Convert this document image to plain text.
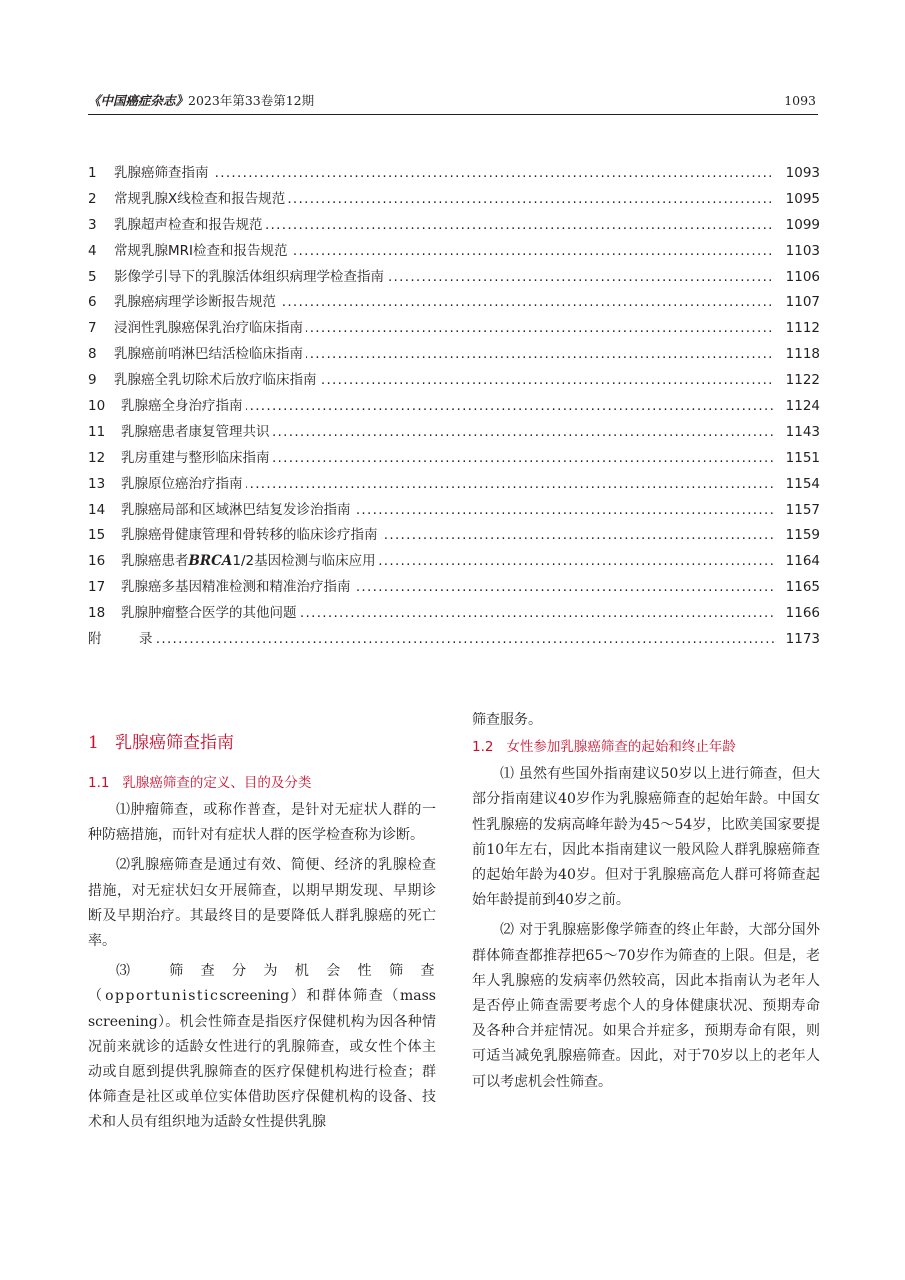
《中国癌症杂志》2023年第33卷第12期	1093
1	乳腺癌筛查指南 .....	1093
2	常规乳腺X线检查和报告规范 .....	1095
3	乳腺超声检查和报告规范 .....	1099
4	常规乳腺MRI检查和报告规范 .....	1103
5	影像学引导下的乳腺活体组织病理学检查指南 .....	1106
6	乳腺癌病理学诊断报告规范 .....	1107
7	浸润性乳腺癌保乳治疗临床指南 .....	1112
8	乳腺癌前哨淋巴结活检临床指南 .....	1118
9	乳腺癌全乳切除术后放疗临床指南 .....	1122
10	乳腺癌全身治疗指南 .....	1124
11	乳腺癌患者康复管理共识 .....	1143
12	乳房重建与整形临床指南 .....	1151
13	乳腺原位癌治疗指南 .....	1154
14	乳腺癌局部和区域淋巴结复发诊治指南 .....	1157
15	乳腺癌骨健康管理和骨转移的临床诊疗指南 .....	1159
16	乳腺癌患者BRCA1/2基因检测与临床应用 .....	1164
17	乳腺癌多基因精准检测和精准治疗指南 .....	1165
18	乳腺肿瘤整合医学的其他问题 .....	1166
附	录 .....	1173
1 乳腺癌筛查指南
1.1 乳腺癌筛查的定义、目的及分类

⑴肿瘤筛查，或称作普查，是针对无症状人群的一种防癌措施，而针对有症状人群的医学检查称为诊断。

⑵乳腺癌筛查是通过有效、简便、经济的乳腺检查措施，对无症状妇女开展筛查，以期早期发现、早期诊断及早期治疗。其最终目的是要降低人群乳腺癌的死亡率。

⑶ 筛查分为机会性筛查（opportunisticscreening）和群体筛查（mass screening）。机会性筛查是指医疗保健机构为因各种情况前来就诊的适龄女性进行的乳腺筛查，或女性个体主动或自愿到提供乳腺筛查的医疗保健机构进行检查；群体筛查是社区或单位实体借助医疗保健机构的设备、技术和人员有组织地为适龄女性提供乳腺

筛查服务。

1.2 女性参加乳腺癌筛查的起始和终止年龄

⑴ 虽然有些国外指南建议50岁以上进行筛查，但大部分指南建议40岁作为乳腺癌筛查的起始年龄。中国女性乳腺癌的发病高峰年龄为45～54岁，比欧美国家要提前10年左右，因此本指南建议一般风险人群乳腺癌筛查的起始年龄为40岁。但对于乳腺癌高危人群可将筛查起始年龄提前到40岁之前。

⑵ 对于乳腺癌影像学筛查的终止年龄，大部分国外群体筛查都推荐把65～70岁作为筛查的上限。但是，老年人乳腺癌的发病率仍然较高，因此本指南认为老年人是否停止筛查需要考虑个人的身体健康状况、预期寿命及各种合并症情况。如果合并症多，预期寿命有限，则可适当减免乳腺癌筛查。因此，对于70岁以上的老年人可以考虑机会性筛查。
